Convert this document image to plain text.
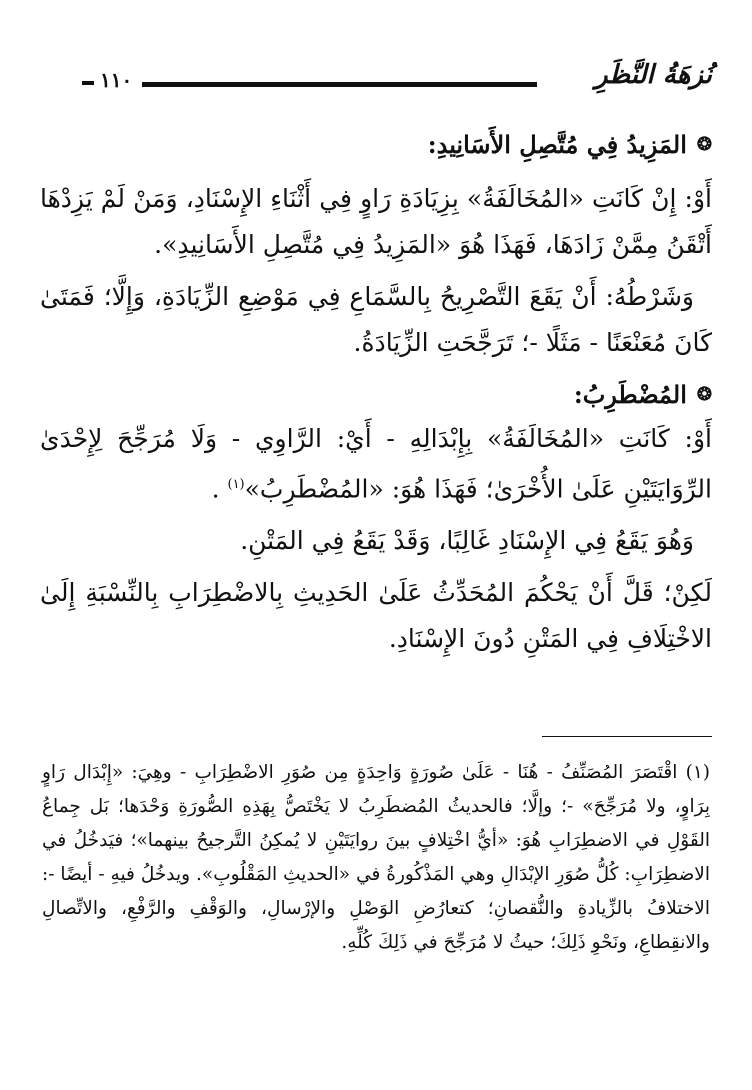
نُزهَةُ النَّظَرِ
١١٠
❂
المَزِيدُ فِي مُتَّصِلِ الأَسَانِيدِ:

أَوْ: إِنْ كَانَتِ «المُخَالَفَةُ» بِزِيَادَةِ رَاوٍ فِي أَثْنَاءِ الإِسْنَادِ، وَمَنْ لَمْ يَزِدْهَا أَتْقَنُ مِمَّنْ زَادَهَا، فَهَذَا هُوَ «المَزِيدُ فِي مُتَّصِلِ الأَسَانِيدِ».

وَشَرْطُهُ: أَنْ يَقَعَ التَّصْرِيحُ بِالسَّمَاعِ فِي مَوْضِعِ الزِّيَادَةِ، وَإِلَّا؛ فَمَتَىٰ كَانَ مُعَنْعَنًا - مَثَلًا -؛ تَرَجَّحَتِ الزِّيَادَةُ.

❂
المُضْطَرِبُ:

أَوْ: كَانَتِ «المُخَالَفَةُ» بِإِبْدَالِهِ - أَيْ: الرَّاوِي - وَلَا مُرَجِّحَ لِإِحْدَىٰ الرِّوَايَتَيْنِ عَلَىٰ الأُخْرَىٰ؛ فَهَذَا هُوَ: «المُضْطَرِبُ»$^{(١)}$ .

وَهُوَ يَقَعُ فِي الإِسْنَادِ غَالِبًا، وَقَدْ يَقَعُ فِي المَتْنِ.

لَكِنْ؛ قَلَّ أَنْ يَحْكُمَ المُحَدِّثُ عَلَىٰ الحَدِيثِ بِالاضْطِرَابِ بِالنِّسْبَةِ إِلَىٰ الاخْتِلَافِ فِي المَتْنِ دُونَ الإِسْنَادِ.

(١) اقْتَصَرَ المُصَنِّفُ - هُنَا - عَلَىٰ صُورَةٍ وَاحِدَةٍ مِن صُوَرِ الاضْطِرَابِ - وهِيَ: «إِبْدَال رَاوٍ بِرَاوٍ، ولا مُرَجِّحَ» -؛ وإلَّا؛ فالحديثُ المُضطَرِبُ لا يَخْتَصُّ بِهَذِهِ الصُّورَةِ وَحْدَها؛ بَل جِماعُ القَوْلِ في الاضطِرَابِ هُوَ: «أيُّ اخْتِلافٍ بينَ روايَتَيْنِ لا يُمكِنُ التَّرجيحُ بينهما»؛ فيَدخُلُ في الاضطِرَابِ: كُلُّ صُوَرِ الإبْدَالِ وهي المَذْكُورةُ في «الحديثِ المَقْلُوبِ». ويدخُلُ فيهِ - أيضًا -: الاختلافُ بالزِّيادةِ والنُّقصانِ؛ كتعارُضِ الوَصْلِ والإرْسالِ، والوَقْفِ والرَّفْعِ، والاتِّصالِ والانقِطاعِ، ونَحْوِ ذَلِكَ؛ حيثُ لا مُرَجِّحَ في ذَلِكَ كُلِّهِ.
